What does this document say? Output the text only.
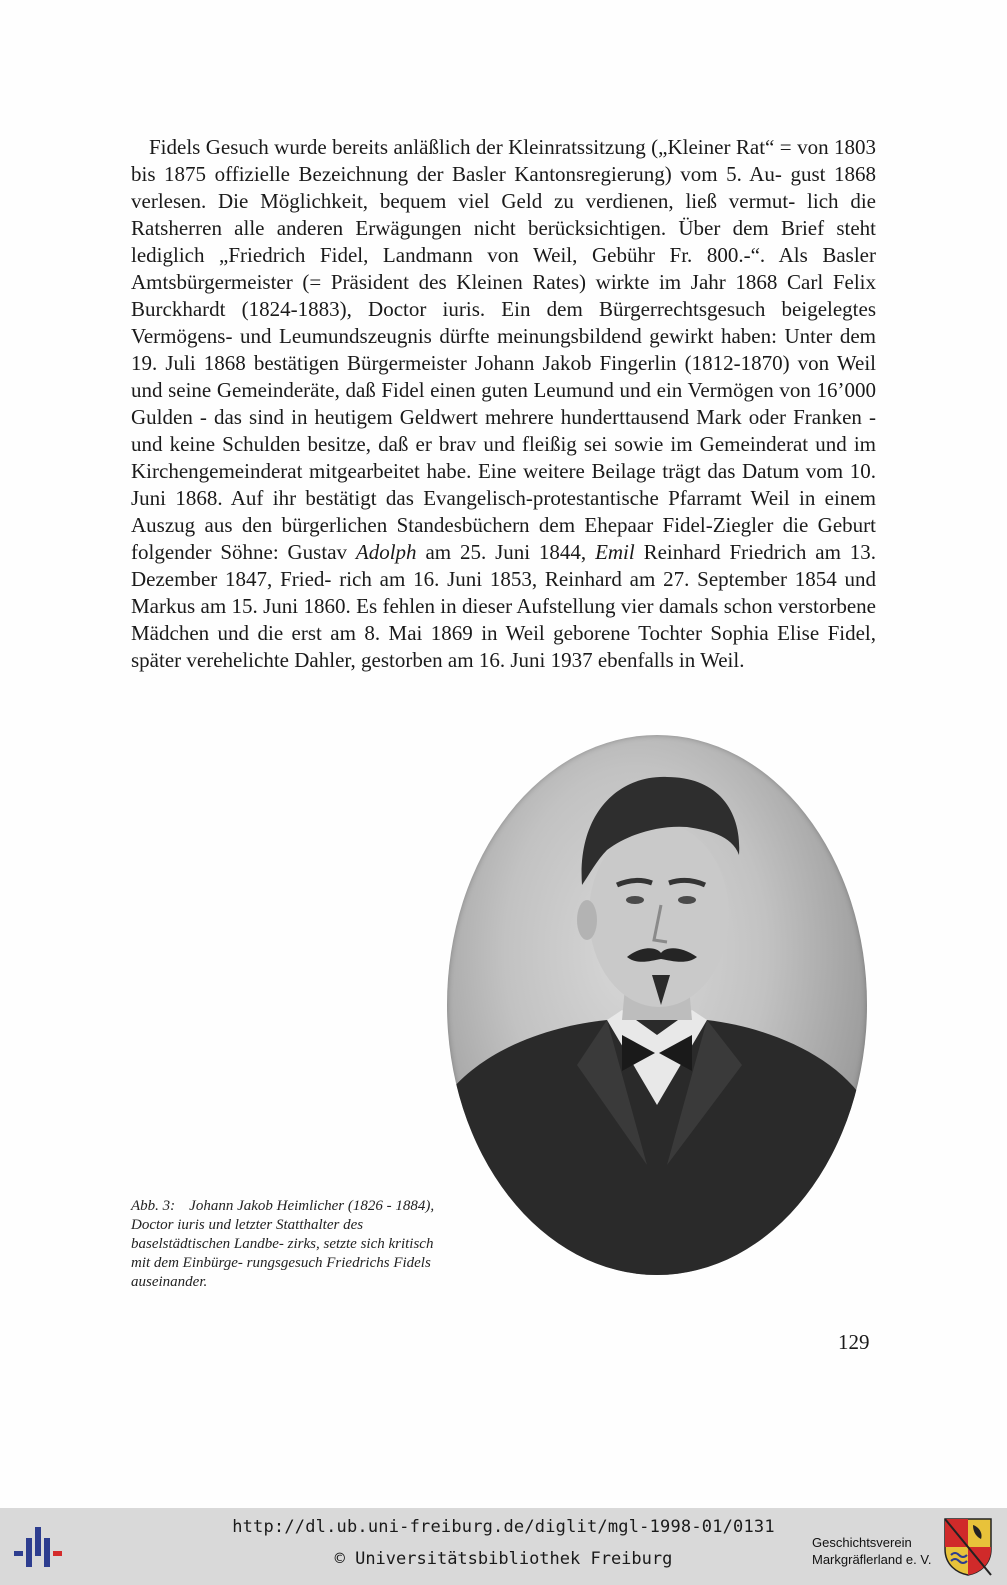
Fidels Gesuch wurde bereits anläßlich der Kleinratssitzung („Kleiner Rat“ = von 1803 bis 1875 offizielle Bezeichnung der Basler Kantonsregierung) vom 5. Au- gust 1868 verlesen. Die Möglichkeit, bequem viel Geld zu verdienen, ließ vermut- lich die Ratsherren alle anderen Erwägungen nicht berücksichtigen. Über dem Brief steht lediglich „Friedrich Fidel, Landmann von Weil, Gebühr Fr. 800.-“. Als Basler Amtsbürgermeister (= Präsident des Kleinen Rates) wirkte im Jahr 1868 Carl Felix Burckhardt (1824-1883), Doctor iuris. Ein dem Bürgerrechtsgesuch beigelegtes Vermögens- und Leumundszeugnis dürfte meinungsbildend gewirkt haben: Unter dem 19. Juli 1868 bestätigen Bürgermeister Johann Jakob Fingerlin (1812-1870) von Weil und seine Gemeinderäte, daß Fidel einen guten Leumund und ein Vermögen von 16’000 Gulden - das sind in heutigem Geldwert mehrere hunderttausend Mark oder Franken - und keine Schulden besitze, daß er brav und fleißig sei sowie im Gemeinderat und im Kirchengemeinderat mitgearbeitet habe. Eine weitere Beilage trägt das Datum vom 10. Juni 1868. Auf ihr bestätigt das Evangelisch-protestantische Pfarramt Weil in einem Auszug aus den bürgerlichen Standesbüchern dem Ehepaar Fidel-Ziegler die Geburt folgender Söhne: Gustav Adolph am 25. Juni 1844, Emil Reinhard Friedrich am 13. Dezember 1847, Fried- rich am 16. Juni 1853, Reinhard am 27. September 1854 und Markus am 15. Juni 1860. Es fehlen in dieser Aufstellung vier damals schon verstorbene Mädchen und die erst am 8. Mai 1869 in Weil geborene Tochter Sophia Elise Fidel, später verehelichte Dahler, gestorben am 16. Juni 1937 ebenfalls in Weil.

Abb. 3: Johann Jakob Heimlicher (1826 - 1884), Doctor iuris und letzter Statthalter des baselstädtischen Landbe- zirks, setzte sich kritisch mit dem Einbürge- rungsgesuch Friedrichs Fidels auseinander.
129
http://dl.ub.uni-freiburg.de/diglit/mgl-1998-01/0131
© Universitätsbibliothek Freiburg
Geschichtsverein
Markgräflerland e. V.
